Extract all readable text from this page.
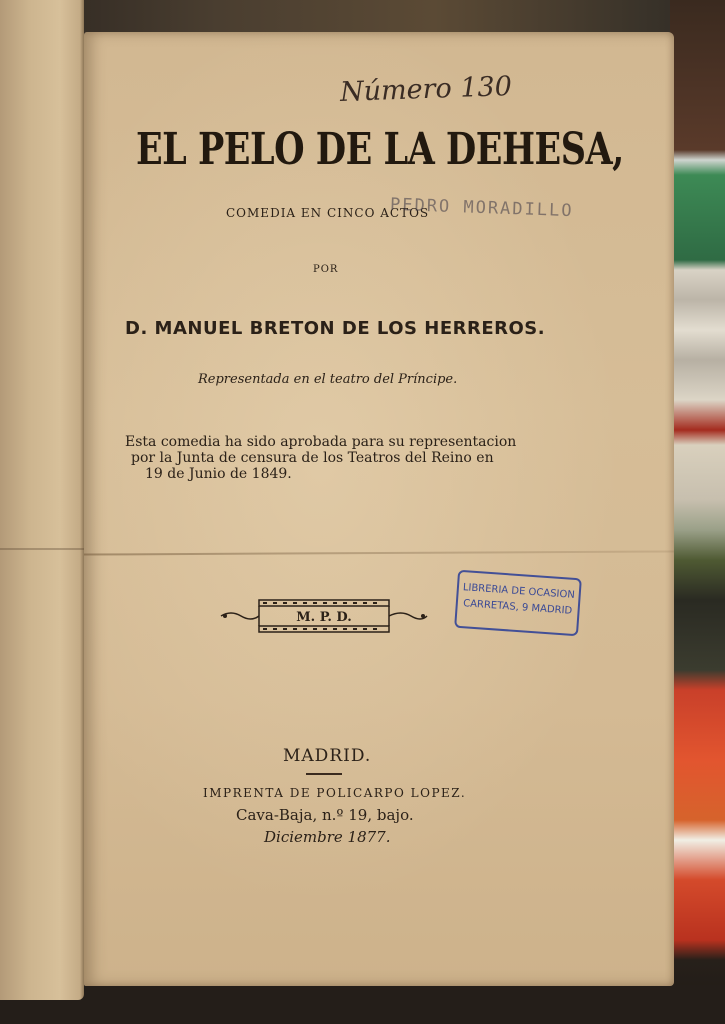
Número 130
EL PELO DE LA DEHESA,
COMEDIA EN CINCO ACTOS
PEDRO MORADILLO
POR
D. MANUEL BRETON DE LOS HERREROS.
Representada en el teatro del Príncipe.
Esta comedia ha sido aprobada para su representacion
por la Junta de censura de los Teatros del Reino en
19 de Junio de 1849.
M. P. D.
LIBRERIA DE OCASION
CARRETAS, 9 MADRID
MADRID.
IMPRENTA DE POLICARPO LOPEZ.
Cava-Baja, n.º 19, bajo.
Diciembre 1877.
